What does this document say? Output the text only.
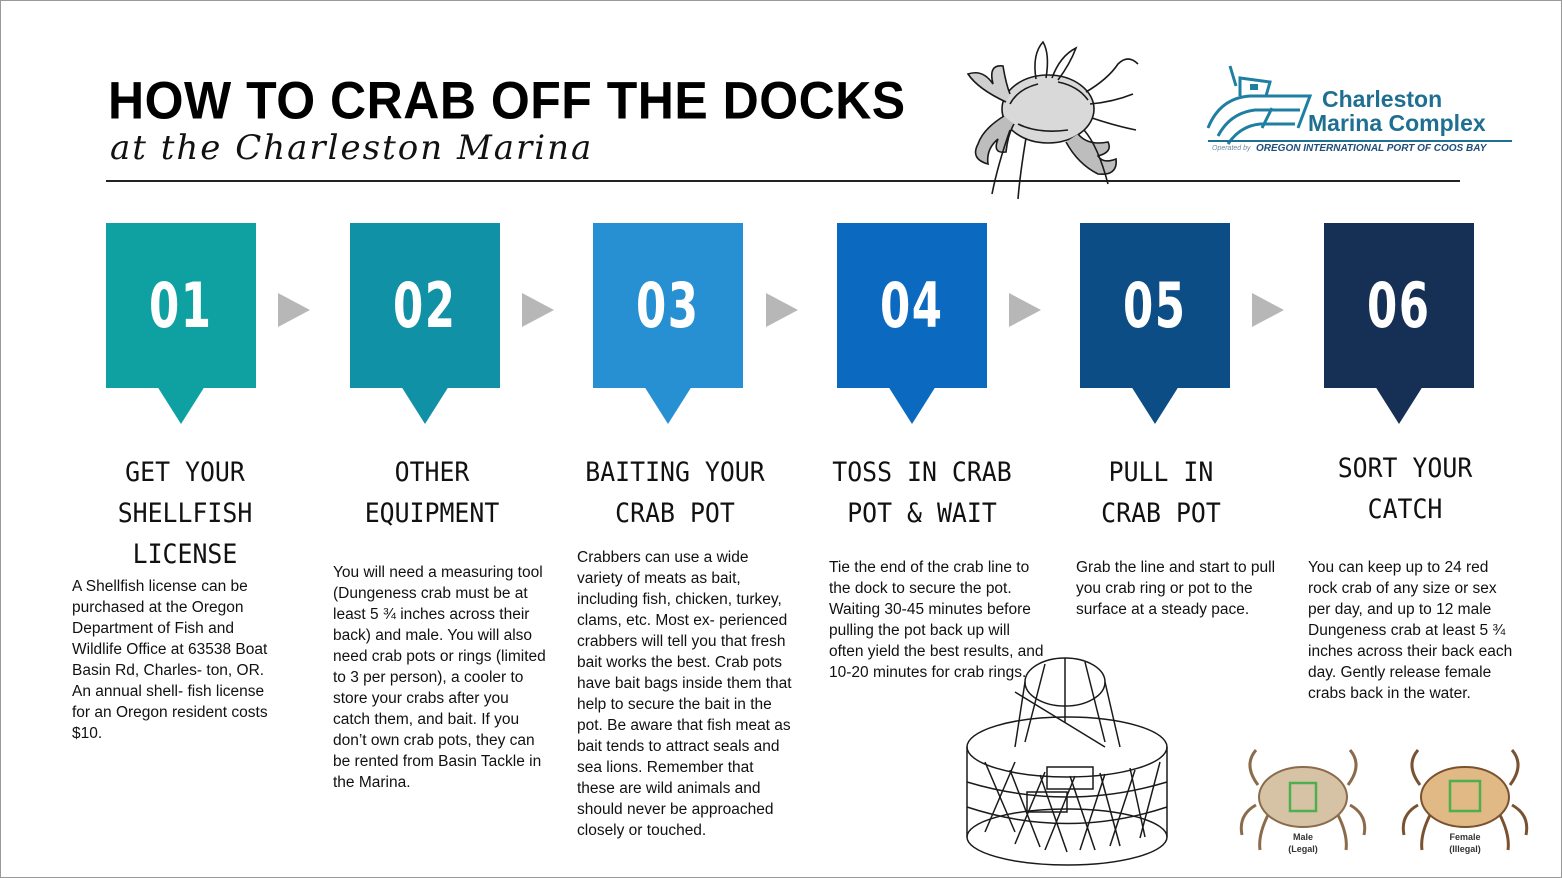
HOW TO CRAB OFF THE DOCKS
at the Charleston Marina
Charleston
Marina Complex
Operated by OREGON INTERNATIONAL PORT OF COOS BAY
01	02	03	04	05	06
GET YOUR
SHELLFISH LICENSE
OTHER
EQUIPMENT
BAITING YOUR
CRAB POT
TOSS IN CRAB
POT & WAIT
PULL IN
CRAB POT
SORT YOUR
CATCH
A Shellfish license can be purchased at the Oregon Department of Fish and Wildlife Office at 63538 Boat Basin Rd, Charles- ton, OR. An annual shell- fish license for an Oregon resident costs $10.
You will need a measuring tool (Dungeness crab must be at least 5 ¾ inches across their back) and male. You will also need crab pots or rings (limited to 3 per person), a cooler to store your crabs after you catch them, and bait. If you don’t own crab pots, they can be rented from Basin Tackle in the Marina.
Crabbers can use a wide variety of meats as bait, including fish, chicken, turkey, clams, etc. Most ex- perienced crabbers will tell you that fresh bait works the best. Crab pots have bait bags inside them that help to secure the bait in the pot. Be aware that fish meat as bait tends to attract seals and sea lions. Remember that these are wild animals and should never be approached closely or touched.
Tie the end of the crab line to the dock to secure the pot. Waiting 30-45 minutes before pulling the pot back up will often yield the best results, and 10-20 minutes for crab rings.
Grab the line and start to pull you crab ring or pot to the surface at a steady pace.
You can keep up to 24 red rock crab of any size or sex per day, and up to 12 male Dungeness crab at least 5 ¾ inches across their back each day. Gently release female crabs back in the water.
Male
(Legal)
Female
(Illegal)
